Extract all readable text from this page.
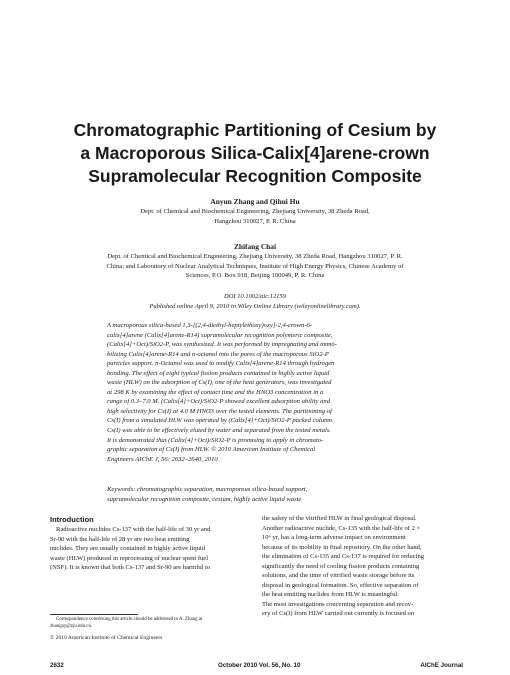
Chromatographic Partitioning of Cesium by
a Macroporous Silica-Calix[4]arene-crown
Supramolecular Recognition Composite
Anyun Zhang and Qihui Hu
Dept. of Chemical and Biochemical Engineering, Zhejiang University, 38 Zheda Road,
Hangzhou 310027, P. R. China
Zhifang Chai
Dept. of Chemical and Biochemical Engineering, Zhejiang University, 38 Zheda Road, Hangzhou 310027, P. R.
China; and Laboratory of Nuclear Analytical Techniques, Institute of High Energy Physics, Chinese Academy of
Sciences, P.O. Box 918, Beijing 100049, P. R. China
DOI 10.1002/aic.12159
Published online April 9, 2010 in Wiley Online Library (wileyonlinelibrary.com).
A macroporous silica-based 1,3-[(2,4-diethyl-heptylethoxy)oxy]-2,4-crown-6-
calix[4]arene (Calix[4]arene-R14) supramolecular recognition polymeric composite,
(Calix[4]+Oct)/SiO2-P, was synthesized. It was performed by impregnating and immo-
bilizing Calix[4]arene-R14 and n-octanol into the pores of the macroporous SiO2-P
particles support. n-Octanol was used to modify Calix[4]arene-R14 through hydrogen
bonding. The effect of eight typical fission products contained in highly active liquid
waste (HLW) on the adsorption of Cs(I), one of the heat generators, was investigated
at 298 K by examining the effect of contact time and the HNO3 concentration in a
range of 0.3–7.0 M. (Calix[4]+Oct)/SiO2-P showed excellent adsorption ability and
high selectivity for Cs(I) at 4.0 M HNO3 over the tested elements. The partitioning of
Cs(I) from a simulated HLW was operated by (Calix[4]+Oct)/SiO2-P packed column.
Cs(I) was able to be effectively eluted by water and separated from the tested metals.
It is demonstrated that (Calix[4]+Oct)/SiO2-P is promising to apply in chromato-
graphic separation of Cs(I) from HLW. © 2010 American Institute of Chemical
Engineers AIChE J, 56: 2632–2640, 2010
Keywords: chromatographic separation, macroporous silica-based support,
supramolecular recognition composite, cesium, highly active liquid waste
Introduction
Radioactive nuclides Cs-137 with the half-life of 30 yr and
Sr-90 with the half-life of 28 yr are two heat emitting
nuclides. They are usually contained in highly active liquid
waste (HLW) produced in reprocessing of nuclear spent fuel
(NSF). It is known that both Cs-137 and Sr-90 are harmful to
the safety of the vitrified HLW in final geological disposal.
Another radioactive nuclide, Cs-135 with the half-life of 2 ×
10⁶ yr, has a long-term adverse impact on environment
because of its mobility in final repository. On the other hand,
the elimination of Cs-135 and Cs-137 is required for reducing
significantly the need of cooling fission products containing
solutions, and the time of vitrified waste storage before its
disposal in geological formation. So, effective separation of
the heat emitting nuclides from HLW is meaningful.
The most investigations concerning separation and recov-
ery of Cs(I) from HLW carried out currently is focused on
Correspondence concerning this article should be addressed to A. Zhang at
zhangay@zju.edu.cn.
© 2010 American Institute of Chemical Engineers
2632	October 2010 Vol. 56, No. 10	AIChE Journal
